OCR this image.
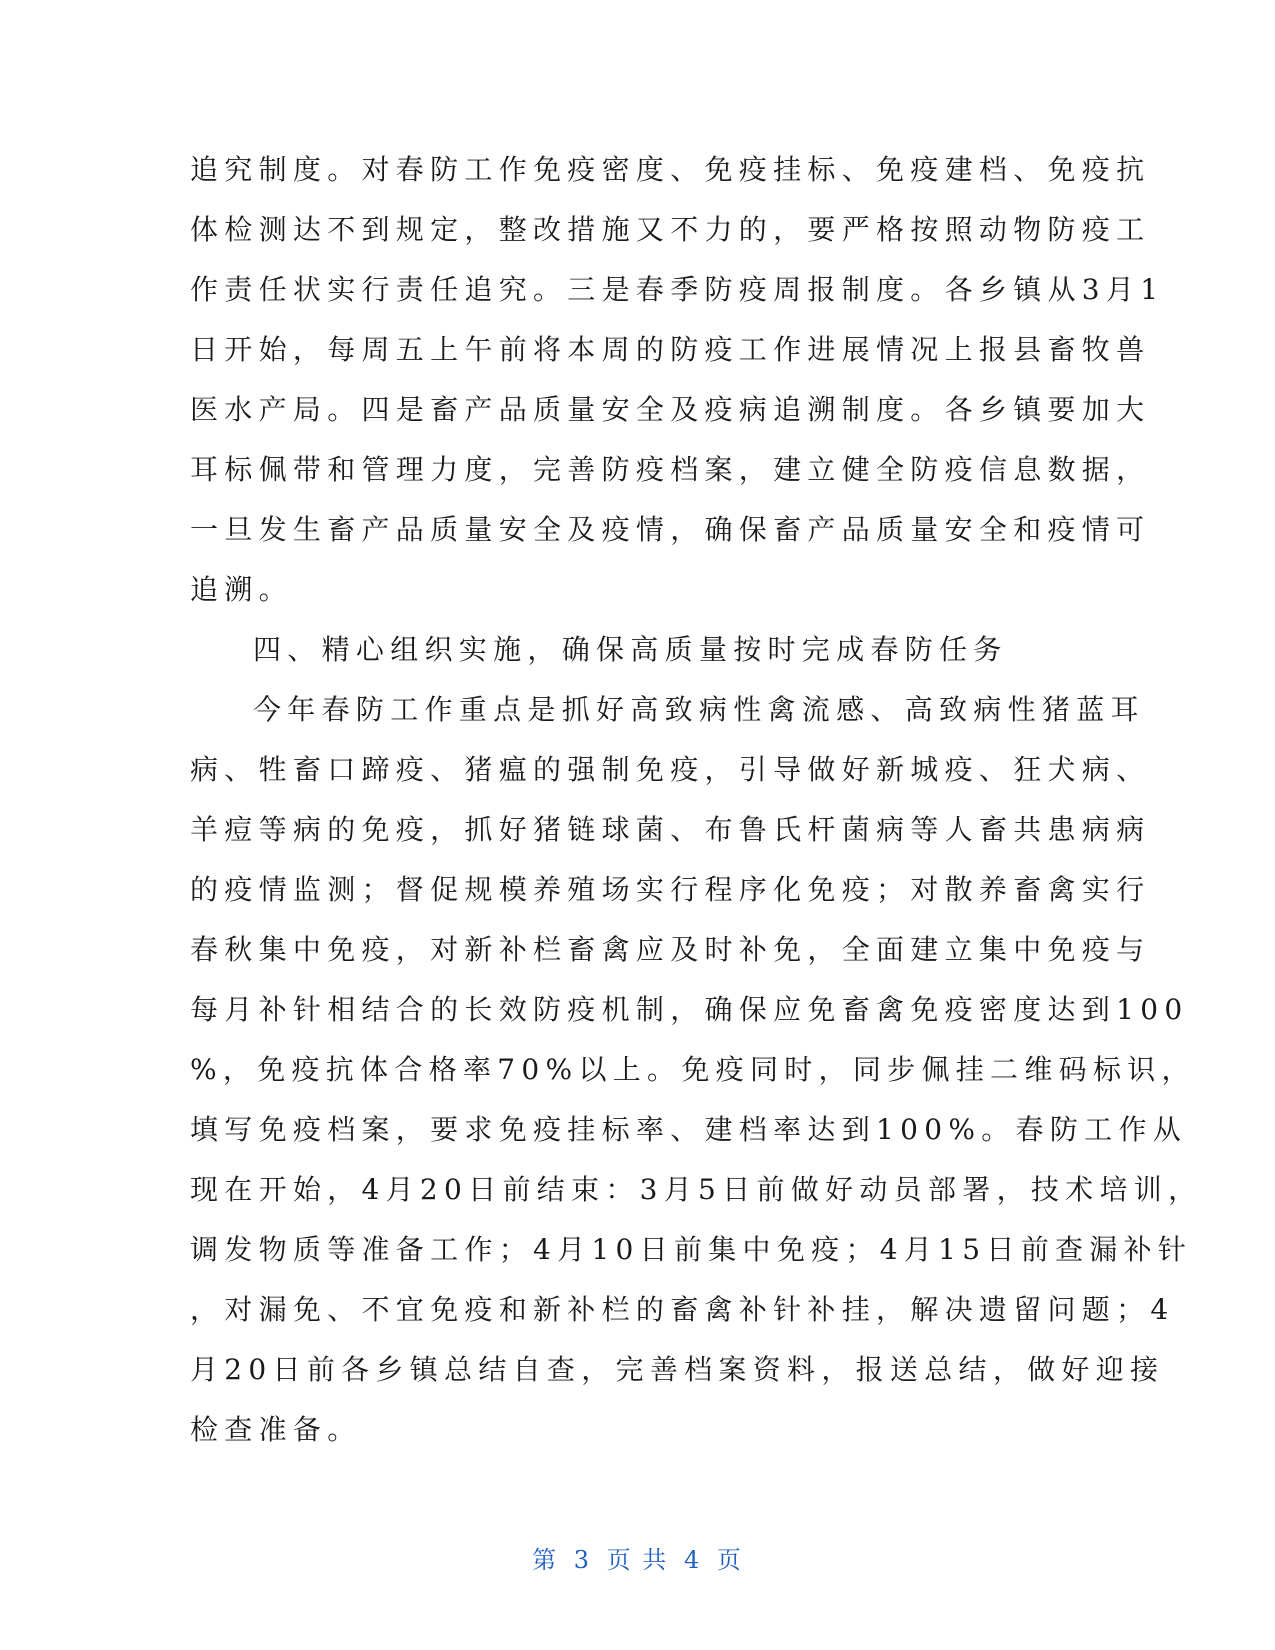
追究制度。对春防工作免疫密度、免疫挂标、免疫建档、免疫抗
体检测达不到规定，整改措施又不力的，要严格按照动物防疫工
作责任状实行责任追究。三是春季防疫周报制度。各乡镇从3月1
日开始，每周五上午前将本周的防疫工作进展情况上报县畜牧兽
医水产局。四是畜产品质量安全及疫病追溯制度。各乡镇要加大
耳标佩带和管理力度，完善防疫档案，建立健全防疫信息数据，
一旦发生畜产品质量安全及疫情，确保畜产品质量安全和疫情可
追溯。
四、精心组织实施，确保高质量按时完成春防任务
今年春防工作重点是抓好高致病性禽流感、高致病性猪蓝耳
病、牲畜口蹄疫、猪瘟的强制免疫，引导做好新城疫、狂犬病、
羊痘等病的免疫，抓好猪链球菌、布鲁氏杆菌病等人畜共患病病
的疫情监测；督促规模养殖场实行程序化免疫；对散养畜禽实行
春秋集中免疫，对新补栏畜禽应及时补免，全面建立集中免疫与
每月补针相结合的长效防疫机制，确保应免畜禽免疫密度达到100
%，免疫抗体合格率70%以上。免疫同时，同步佩挂二维码标识，
填写免疫档案，要求免疫挂标率、建档率达到100%。春防工作从
现在开始，4月20日前结束：3月5日前做好动员部署，技术培训，
调发物质等准备工作；4月10日前集中免疫；4月15日前查漏补针
，对漏免、不宜免疫和新补栏的畜禽补针补挂，解决遗留问题；4
月20日前各乡镇总结自查，完善档案资料，报送总结，做好迎接
检查准备。
第 3 页 共 4 页
